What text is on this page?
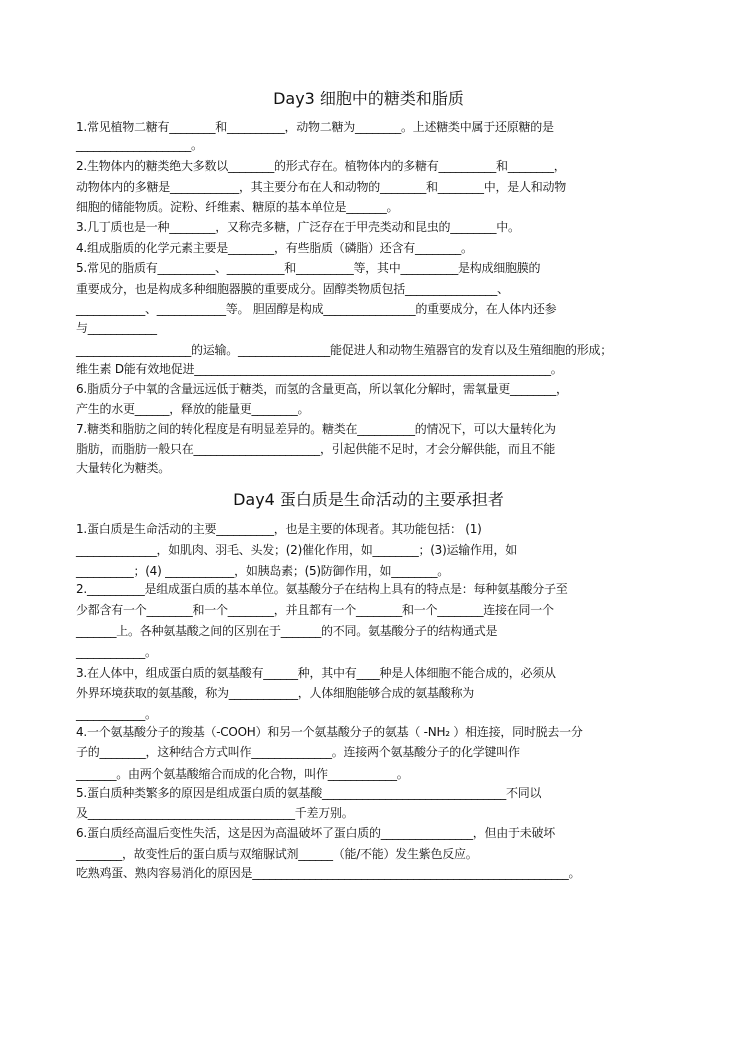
Day3 细胞中的糖类和脂质
1.常见植物二糖有________和__________，动物二糖为________。上述糖类中属于还原糖的是
____________________。
2.生物体内的糖类绝大多数以________的形式存在。植物体内的多糖有__________和________，
动物体内的多糖是____________，其主要分布在人和动物的________和________中，是人和动物
细胞的储能物质。淀粉、纤维素、糖原的基本单位是_______。
3.几丁质也是一种________，又称壳多糖，广泛存在于甲壳类动和昆虫的________中。
4.组成脂质的化学元素主要是________，有些脂质（磷脂）还含有________。
5.常见的脂质有__________、__________和__________等，其中__________是构成细胞膜的
重要成分，也是构成多种细胞器膜的重要成分。固醇类物质包括________________、
____________、____________等。 胆固醇是构成________________的重要成分，在人体内还参
与____________
____________________的运输。________________能促进人和动物生殖器官的发育以及生殖细胞的形成；
维生素 D能有效地促进______________________________________________________________。
6.脂质分子中氧的含量远远低于糖类，而氢的含量更高，所以氧化分解时，需氧量更________，
产生的水更______，释放的能量更________。
7.糖类和脂肪之间的转化程度是有明显差异的。糖类在__________的情况下，可以大量转化为
脂肪，而脂肪一般只在______________________，引起供能不足时，才会分解供能，而且不能
大量转化为糖类。
Day4 蛋白质是生命活动的主要承担者
1.蛋白质是生命活动的主要__________，也是主要的体现者。其功能包括： (1)
______________，如肌肉、羽毛、头发；(2)催化作用，如________；(3)运输作用，如
__________；(4) ____________，如胰岛素；(5)防御作用，如________。
2.__________是组成蛋白质的基本单位。氨基酸分子在结构上具有的特点是：每种氨基酸分子至
少都含有一个________和一个________，并且都有一个________和一个________连接在同一个
_______上。各种氨基酸之间的区别在于_______的不同。氨基酸分子的结构通式是
____________。
3.在人体中，组成蛋白质的氨基酸有______种，其中有____种是人体细胞不能合成的，必须从
外界环境获取的氨基酸，称为____________，人体细胞能够合成的氨基酸称为
____________。
4.一个氨基酸分子的羧基（-COOH）和另一个氨基酸分子的氨基（ -NH₂ ）相连接，同时脱去一分
子的________，这种结合方式叫作______________。连接两个氨基酸分子的化学键叫作
_______。由两个氨基酸缩合而成的化合物，叫作____________。
5.蛋白质种类繁多的原因是组成蛋白质的氨基酸________________________________不同以
及____________________________________千差万别。
6.蛋白质经高温后变性失活，这是因为高温破坏了蛋白质的________________，但由于未破坏
________，故变性后的蛋白质与双缩脲试剂______（能/不能）发生紫色反应。
吃熟鸡蛋、熟肉容易消化的原因是_______________________________________________________。
